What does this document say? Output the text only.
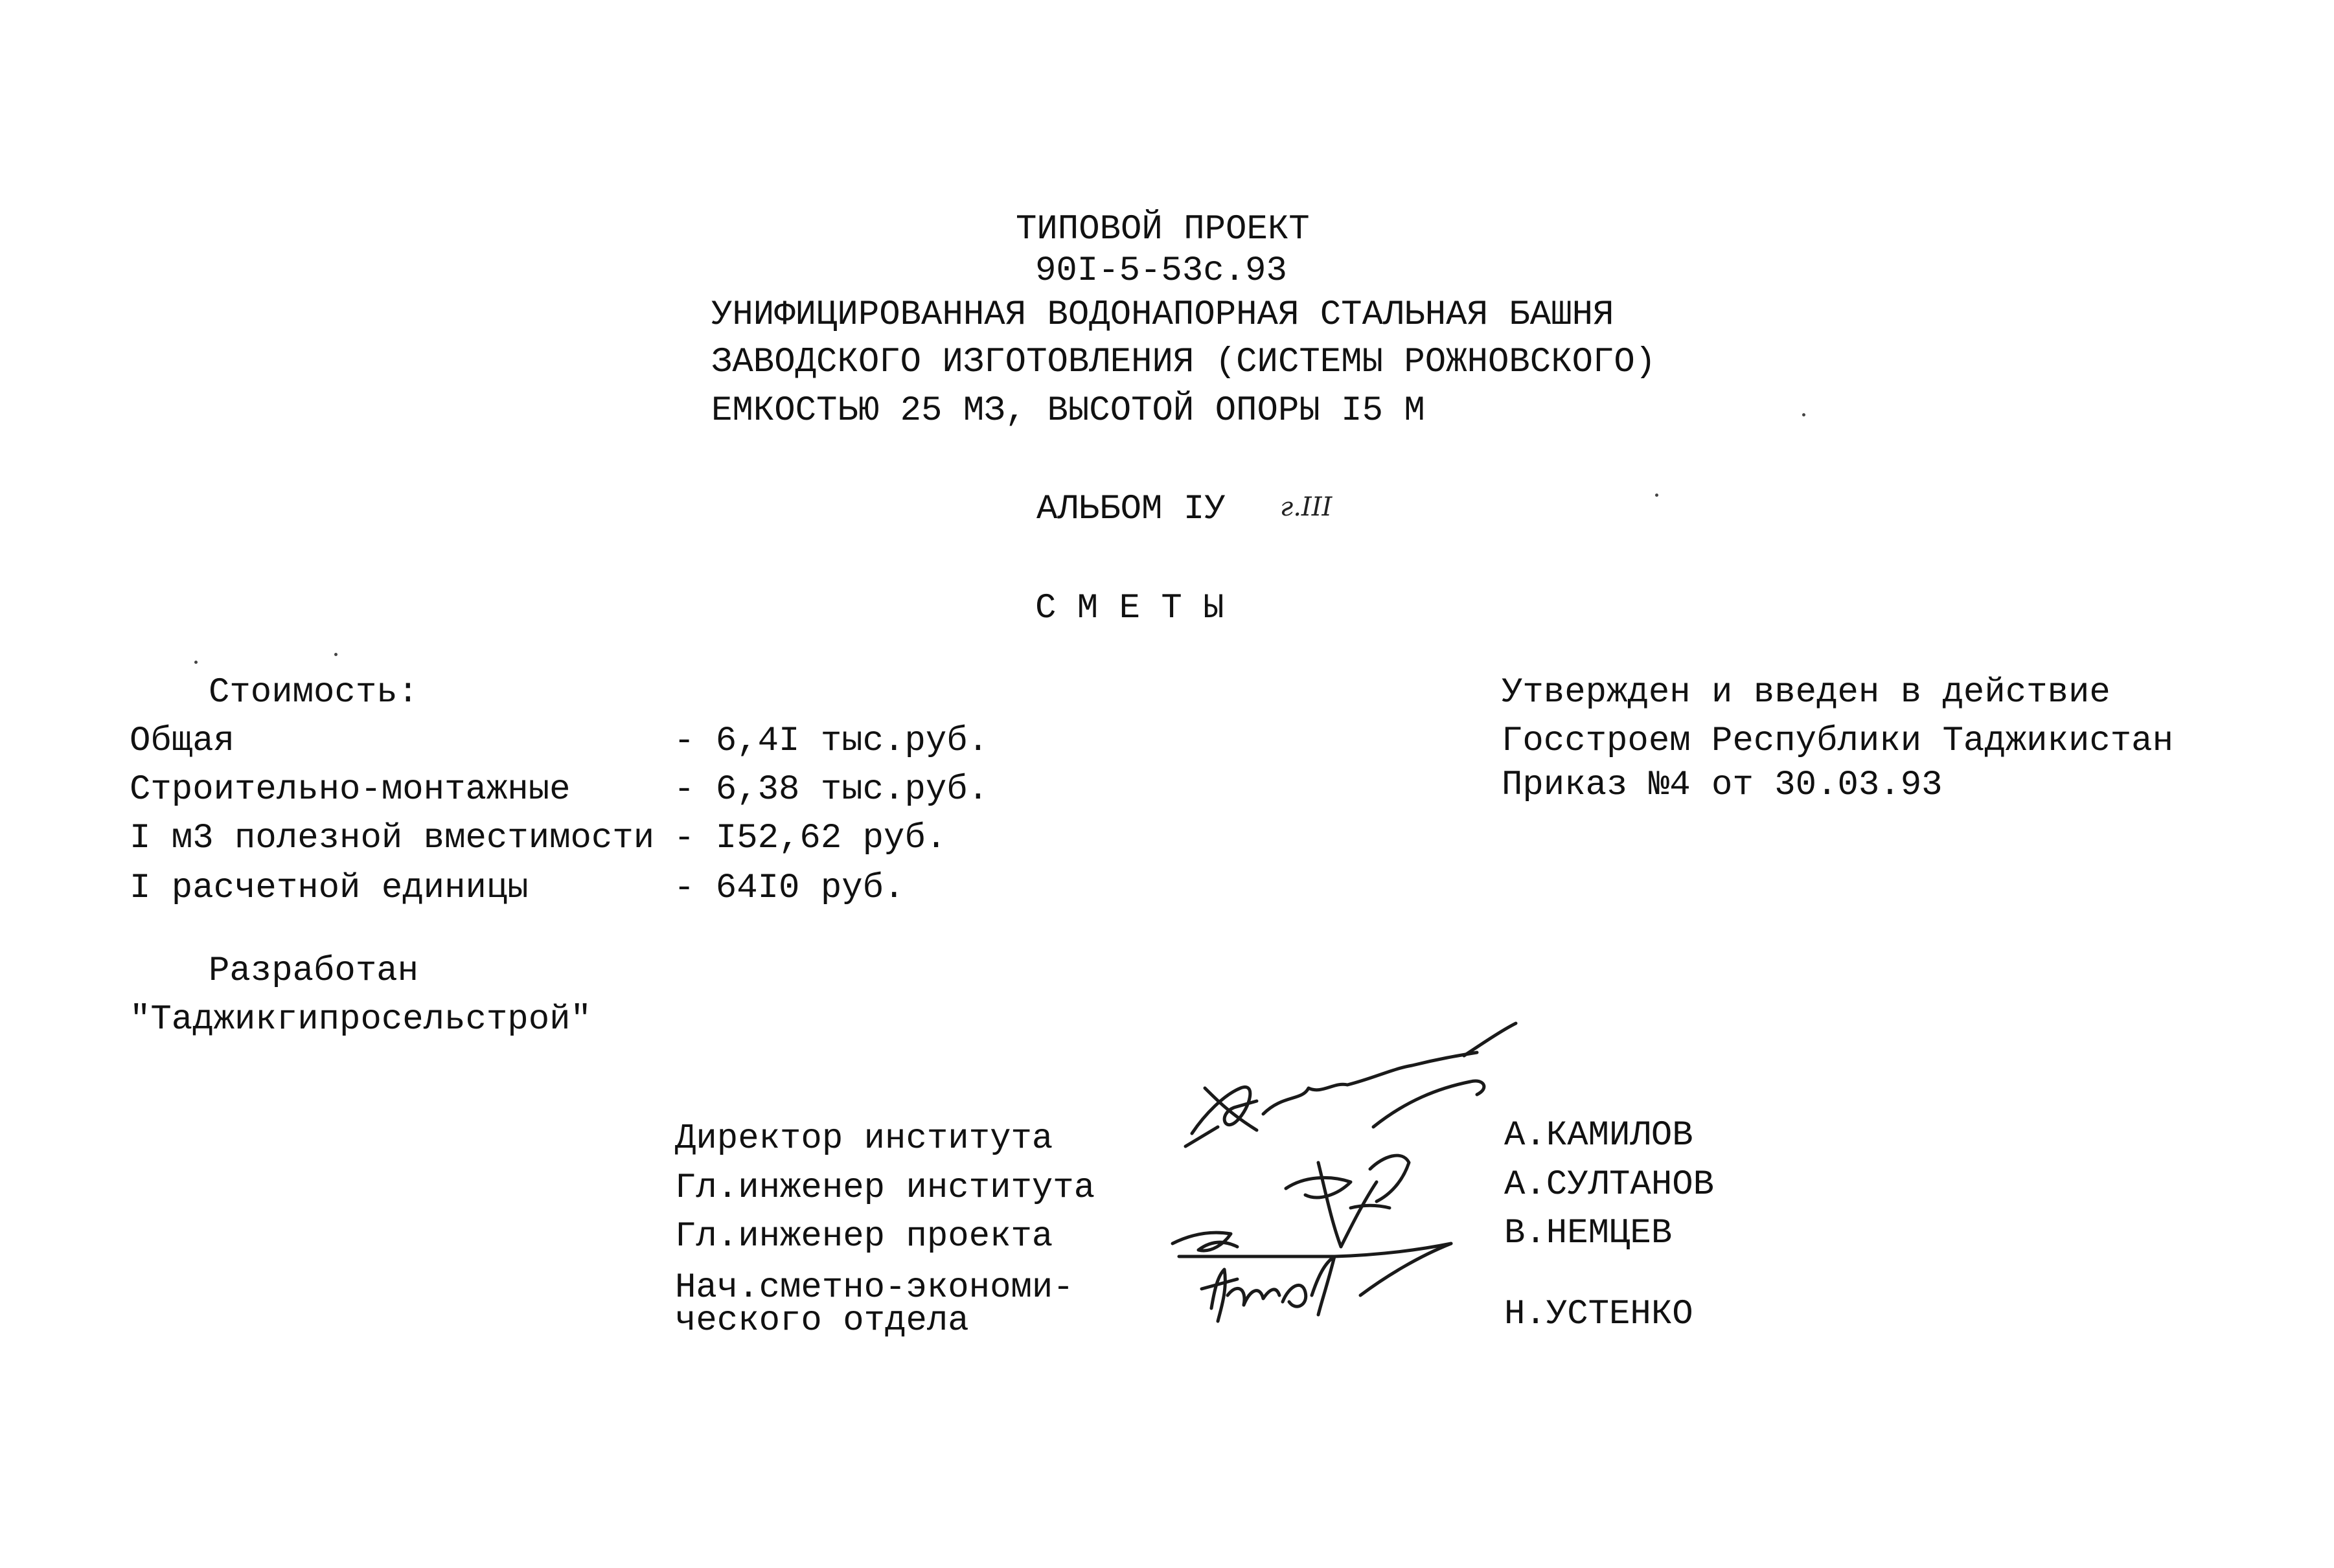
ТИПОВОЙ ПРОЕКТ
90I-5-53с.93
УНИФИЦИРОВАННАЯ ВОДОНАПОРНАЯ СТАЛЬНАЯ БАШНЯ
ЗАВОДСКОГО ИЗГОТОВЛЕНИЯ (СИСТЕМЫ РОЖНОВСКОГО)
ЕМКОСТЬЮ 25 МЗ, ВЫСОТОЙ ОПОРЫ I5 М
АЛЬБОМ IУ г.III
С М Е Т Ы
Стоимость:
Общая	- 6,4I тыс.руб.
Строительно-монтажные	- 6,38 тыс.руб.
I м3 полезной вместимости - I52,62 руб.
I расчетной единицы	- 64I0 руб.
Утвержден и введен в действие
Госстроем Республики Таджикистан
Приказ №4 от 30.03.93
Разработан
"Таджикгипросельстрой"
Директор института	А.КАМИЛОВ
Гл.инженер института	А.СУЛТАНОВ
Гл.инженер проекта	В.НЕМЦЕВ
Нач.сметно-экономи-
ческого отдела	Н.УСТЕНКО
